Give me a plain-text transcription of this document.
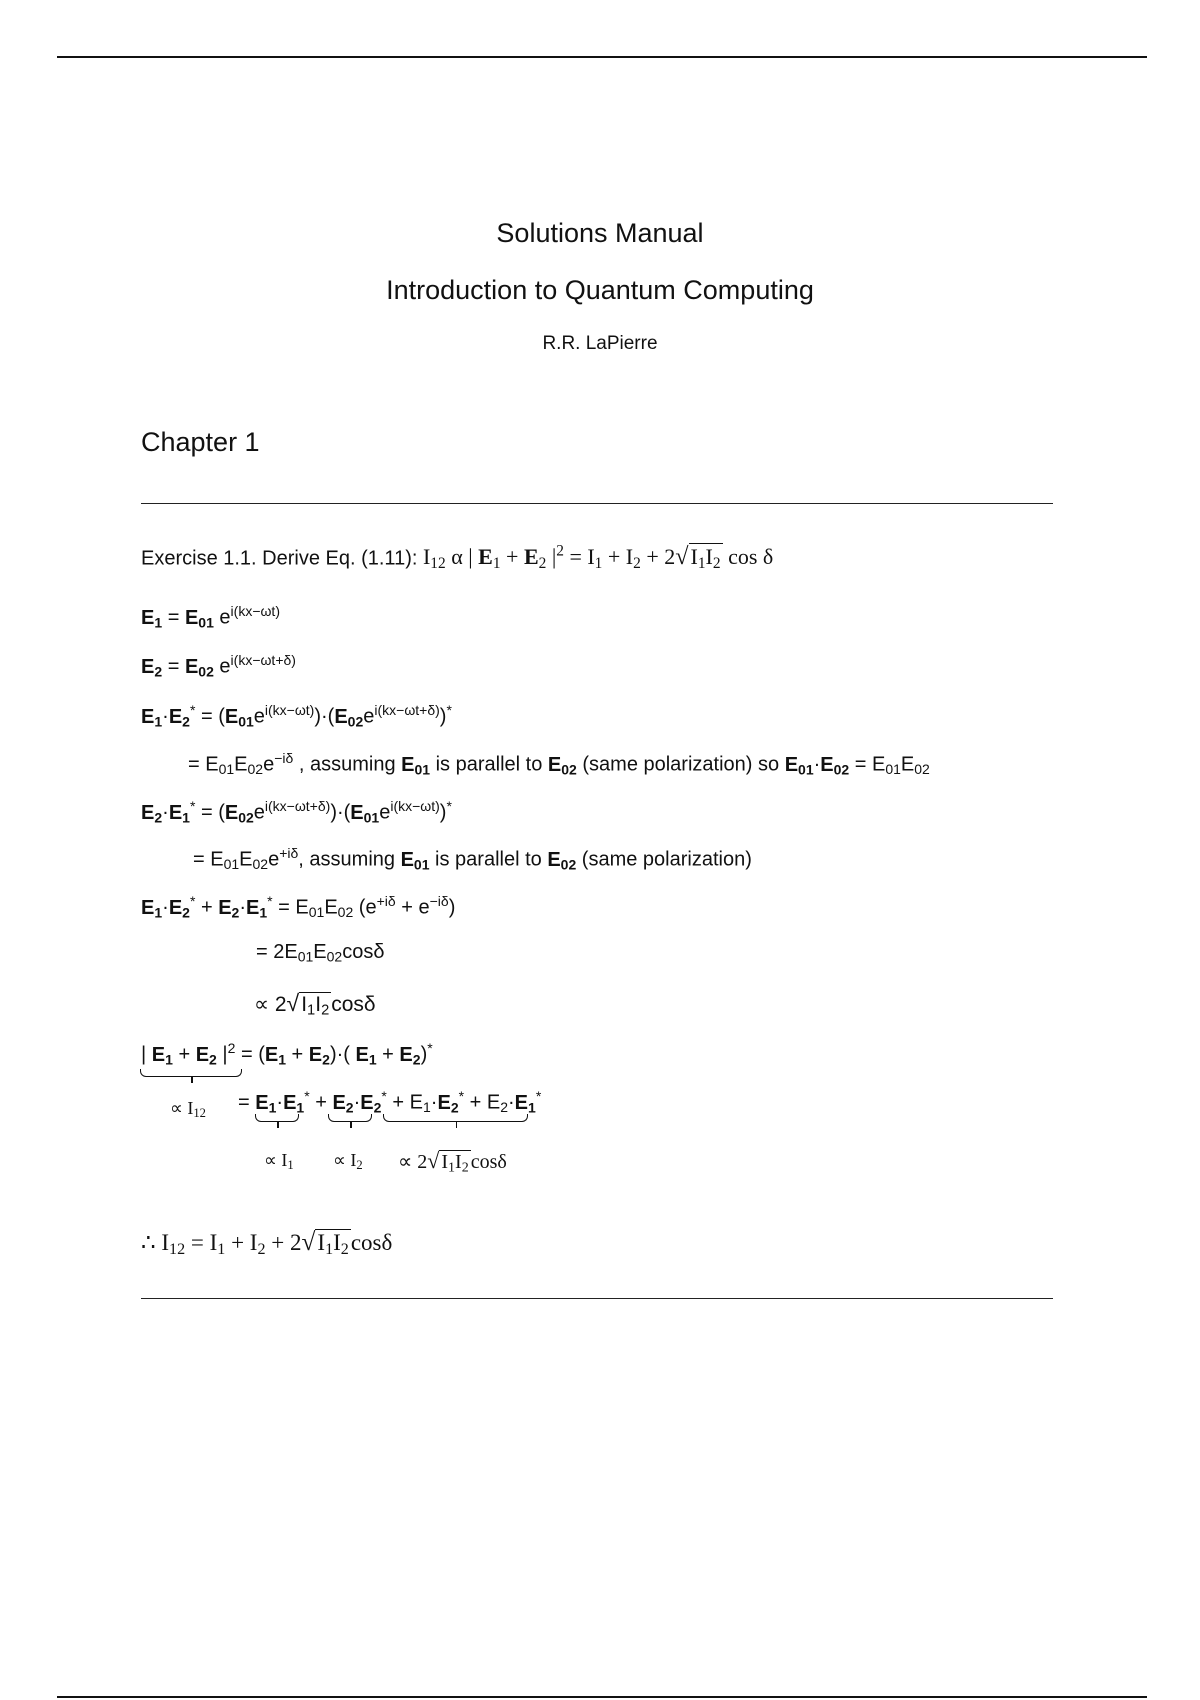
Solutions Manual
Introduction to Quantum Computing
R.R. LaPierre
Chapter 1
Exercise 1.1. Derive Eq. (1.11): $I_{12}$ α | $E_1 + E_2$ $|^2 = I_1 + I_2 + 2√I_1I_2$ cos δ
$E_1 = E_{01}$ $e^{i(kx-\omega t)}$
$E_2 = E_{02}$ $e^{i(kx-\omega t+\delta)}$
$E_1\cdot E_2^* = (E_{01}e^{i(kx-\omega t)})\cdot(E_{02}e^{i(kx-\omega t+\delta)})^*$
= $E_{01}E_{02}e^{-i\delta}$ , assuming $E_{01}$ is parallel to $E_{02}$ (same polarization) so $E_{01}\cdot E_{02} = E_{01}E_{02}$
$E_2\cdot E_1^* = (E_{02}e^{i(kx-\omega t+\delta)})\cdot(E_{01}e^{i(kx-\omega t)})^*$
= $E_{01}E_{02}e^{+i\delta}$, assuming $E_{01}$ is parallel to $E_{02}$ (same polarization)
$E_1\cdot E_2^* + E_2\cdot E_1^* = E_{01}E_{02}$ $(e^{+i\delta} + e^{-i\delta})$
= $2E_{01}E_{02}\cos\delta$
∝ $2√I_1I_2\cos\delta$
| $E_1 + E_2$ $|^2 = (E_1 + E_2)\cdot$( $E_1 + E_2)^*$
∝ $I_{12} = E_1\cdot E_1^* + E_2\cdot E_2^* + E_1\cdot E_2^* + E_2\cdot E_1^*$
∝ $I_1 \propto I_2 \propto 2√$ $I_1I_2$ cosδ
∴ $I_{12} = I_1 + I_2 + 2√I_1I_2\cos\delta$
